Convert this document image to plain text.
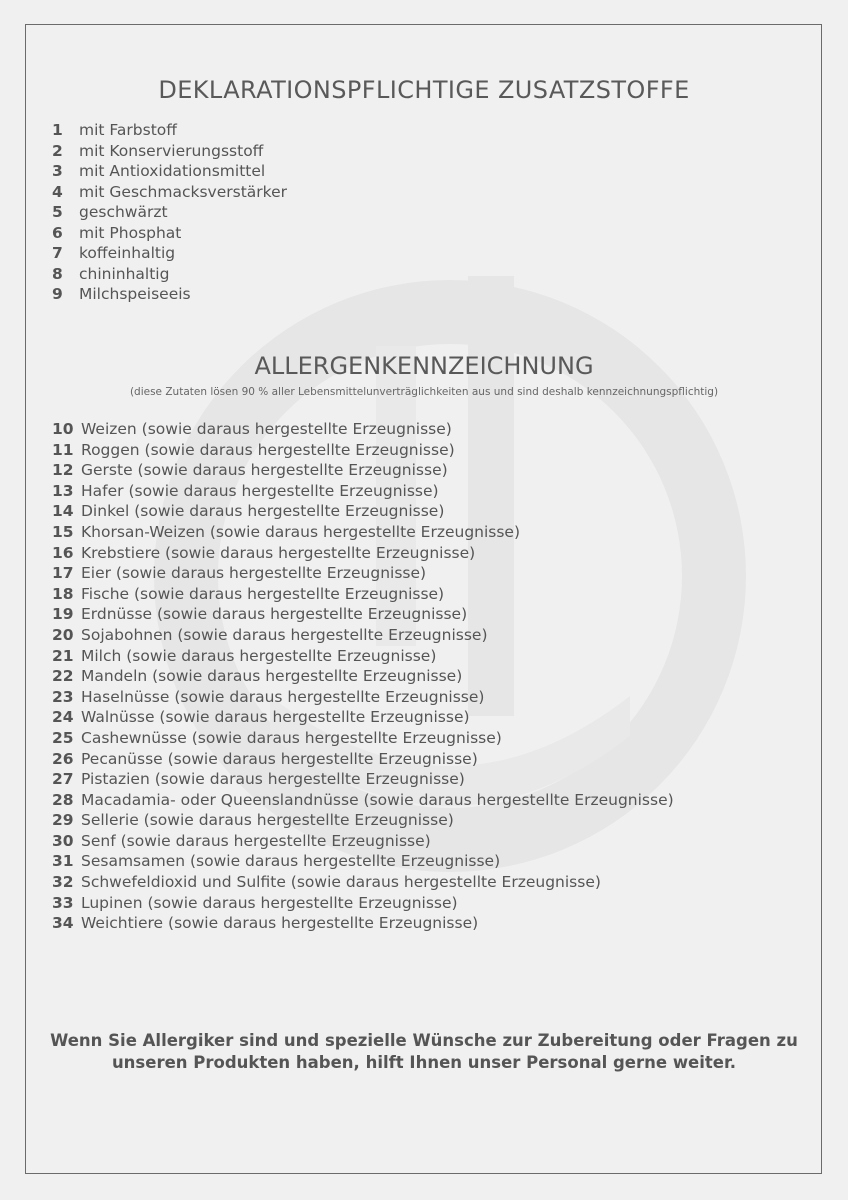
DEKLARATIONSPFLICHTIGE ZUSATZSTOFFE
1 mit Farbstoff
2 mit Konservierungsstoff
3 mit Antioxidationsmittel
4 mit Geschmacksverstärker
5 geschwärzt
6 mit Phosphat
7 koffeinhaltig
8 chininhaltig
9 Milchspeiseeis
ALLERGENKENNZEICHNUNG
(diese Zutaten lösen 90 % aller Lebensmittelunverträglichkeiten aus und sind deshalb kennzeichnungspflichtig)
10 Weizen (sowie daraus hergestellte Erzeugnisse)
11 Roggen (sowie daraus hergestellte Erzeugnisse)
12 Gerste (sowie daraus hergestellte Erzeugnisse)
13 Hafer (sowie daraus hergestellte Erzeugnisse)
14 Dinkel (sowie daraus hergestellte Erzeugnisse)
15 Khorsan-Weizen (sowie daraus hergestellte Erzeugnisse)
16 Krebstiere (sowie daraus hergestellte Erzeugnisse)
17 Eier (sowie daraus hergestellte Erzeugnisse)
18 Fische (sowie daraus hergestellte Erzeugnisse)
19 Erdnüsse (sowie daraus hergestellte Erzeugnisse)
20 Sojabohnen (sowie daraus hergestellte Erzeugnisse)
21 Milch (sowie daraus hergestellte Erzeugnisse)
22 Mandeln (sowie daraus hergestellte Erzeugnisse)
23 Haselnüsse (sowie daraus hergestellte Erzeugnisse)
24 Walnüsse (sowie daraus hergestellte Erzeugnisse)
25 Cashewnüsse (sowie daraus hergestellte Erzeugnisse)
26 Pecanüsse (sowie daraus hergestellte Erzeugnisse)
27 Pistazien (sowie daraus hergestellte Erzeugnisse)
28 Macadamia- oder Queenslandnüsse (sowie daraus hergestellte Erzeugnisse)
29 Sellerie (sowie daraus hergestellte Erzeugnisse)
30 Senf (sowie daraus hergestellte Erzeugnisse)
31 Sesamsamen (sowie daraus hergestellte Erzeugnisse)
32 Schwefeldioxid und Sulfite (sowie daraus hergestellte Erzeugnisse)
33 Lupinen (sowie daraus hergestellte Erzeugnisse)
34 Weichtiere (sowie daraus hergestellte Erzeugnisse)
Wenn Sie Allergiker sind und spezielle Wünsche zur Zubereitung oder Fragen zu
unseren Produkten haben, hilft Ihnen unser Personal gerne weiter.
